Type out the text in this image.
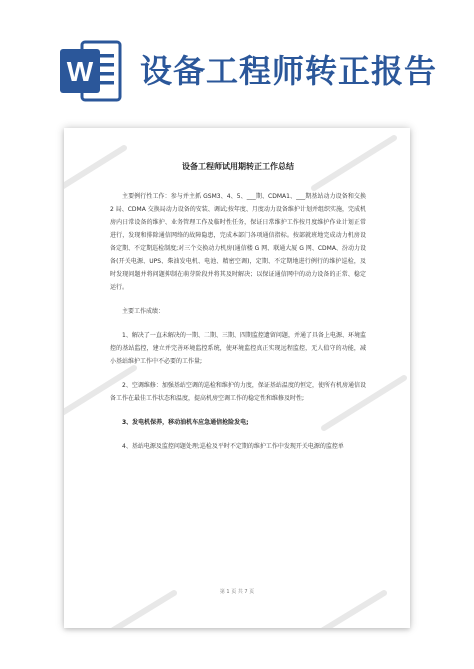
W 设备工程师转正报告
设备工程师试用期转正工作总结

主要例行性工作：参与并主抓 GSM3、4、5、___期、CDMA1、___期基站动力设备和交换 2 局、CDMA 交换局动力设备的安装、调试;按年度、月度动力设备维护计划并组织实施，完成机房内日常设备的维护、业务管理工作及临时性任务，保证日常维护工作按月度维护作业计划正常进行，发现和排除通信网络的故障隐患，完成本部门各项通信指标。按部就班地完成动力机房设备定期、不定期巡检制度;对三个交换动力机房(通信楼 G 网、联通大厦 G 网、CDMA、汾动力设备(开关电源、UPS、柴油发电机、电池、精密空调)，定期、不定期地进行例行的维护巡检，及时发现问题并将问题抑制在萌芽阶段并将其及时解决；以保证通信网中的动力设备的正常、稳定运行。

主要工作成绩：

1、解决了一直未解决的一期、二期、三期、四期监控遗留问题，并通了具备上电源、环境监控的基站监控，建立并完善环境监控系统，使环境监控真正实现远程监控，无人值守的功能，减小基站维护工作中不必要的工作量;

2、空调维修：加强基站空调的巡检和维护的力度，保证基站温度的恒定，使所有机房通信设备工作在最佳工作状态和温度，提高机房空调工作的稳定性和维修及时性;

3、发电机保养，移动油机车应急通信抢险发电;

4、基站电源及监控问题处理;巡检及平时不定期的维护工作中发现开关电源的监控单

第 1 页 共 7 页
